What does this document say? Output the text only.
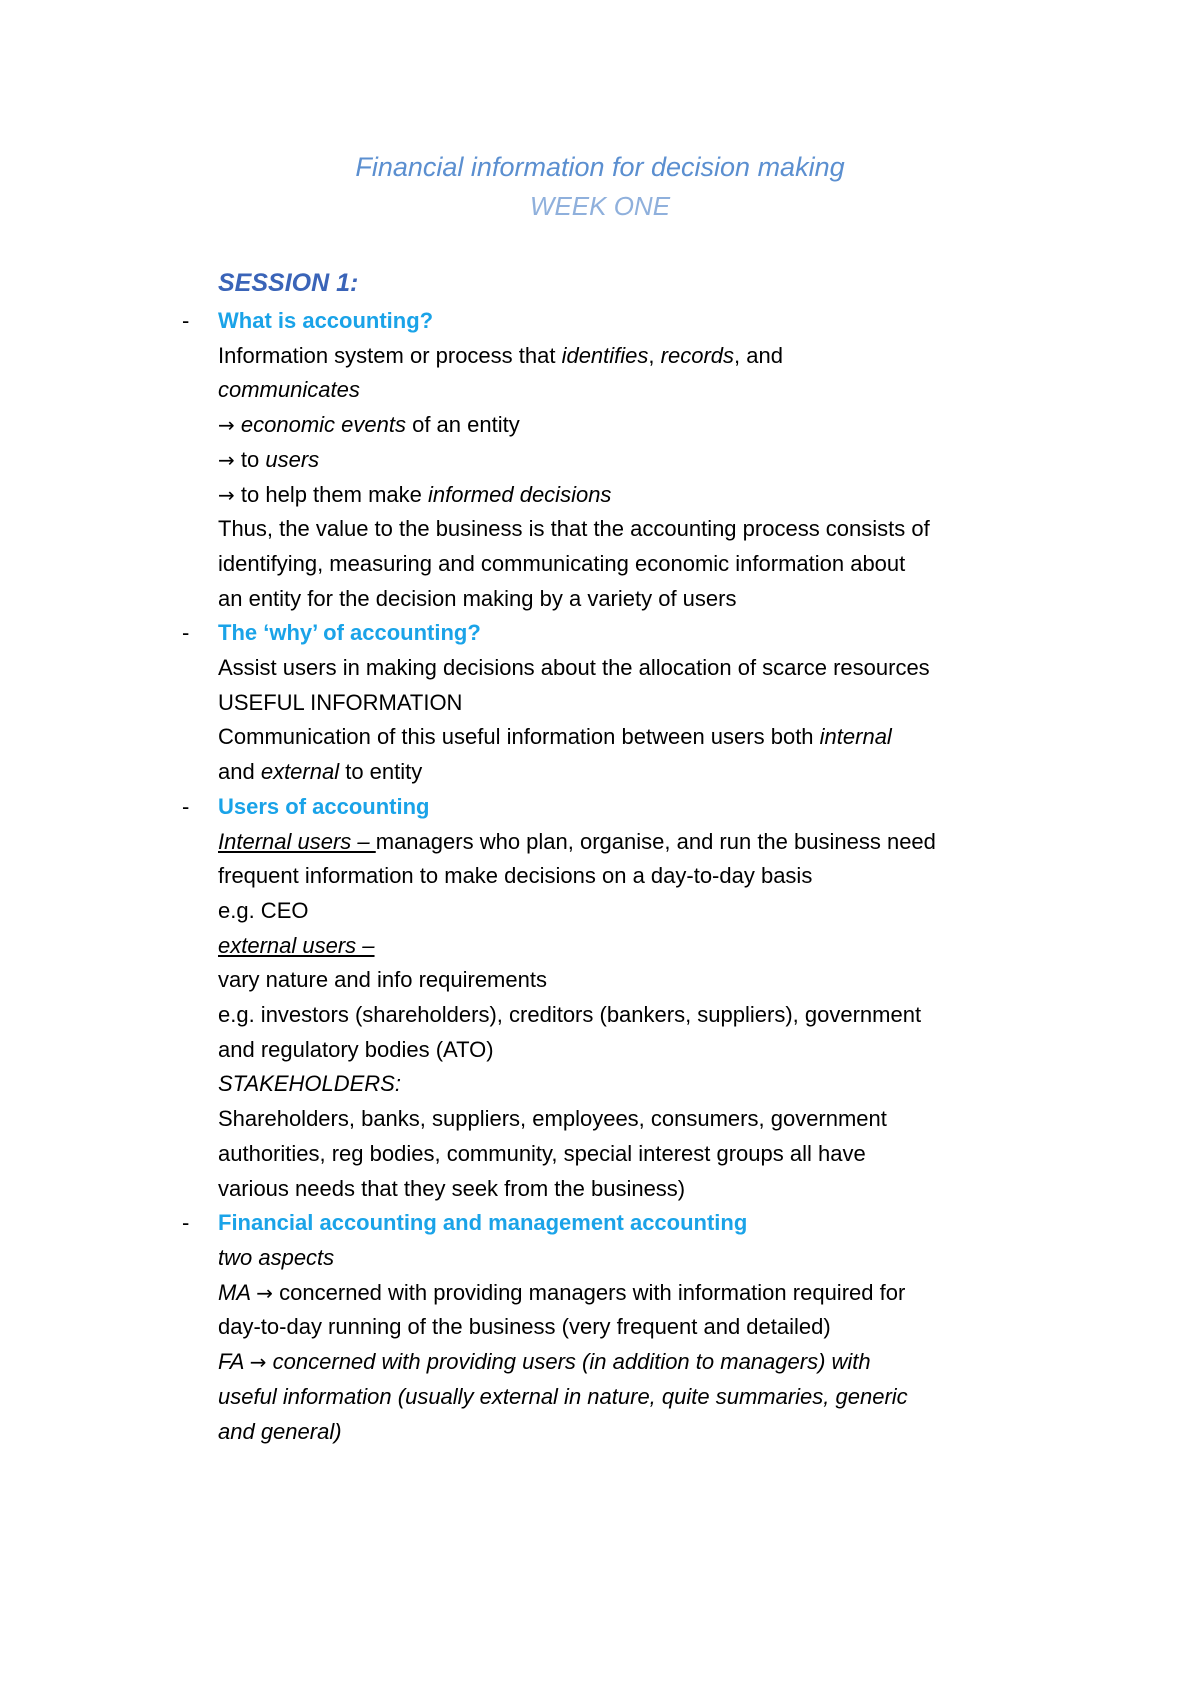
Financial information for decision making

WEEK ONE

SESSION 1:

- What is accounting?

Information system or process that identifies, records, and

communicates

→ economic events of an entity

→ to users

→ to help them make informed decisions

Thus, the value to the business is that the accounting process consists of

identifying, measuring and communicating economic information about

an entity for the decision making by a variety of users

- The ‘why’ of accounting?

Assist users in making decisions about the allocation of scarce resources

USEFUL INFORMATION

Communication of this useful information between users both internal

and external to entity

- Users of accounting

Internal users – managers who plan, organise, and run the business need

frequent information to make decisions on a day-to-day basis

e.g. CEO

external users –

vary nature and info requirements

e.g. investors (shareholders), creditors (bankers, suppliers), government

and regulatory bodies (ATO)

STAKEHOLDERS:

Shareholders, banks, suppliers, employees, consumers, government

authorities, reg bodies, community, special interest groups all have

various needs that they seek from the business)

- Financial accounting and management accounting

two aspects

MA → concerned with providing managers with information required for

day-to-day running of the business (very frequent and detailed)

FA → concerned with providing users (in addition to managers) with

useful information (usually external in nature, quite summaries, generic

and general)
